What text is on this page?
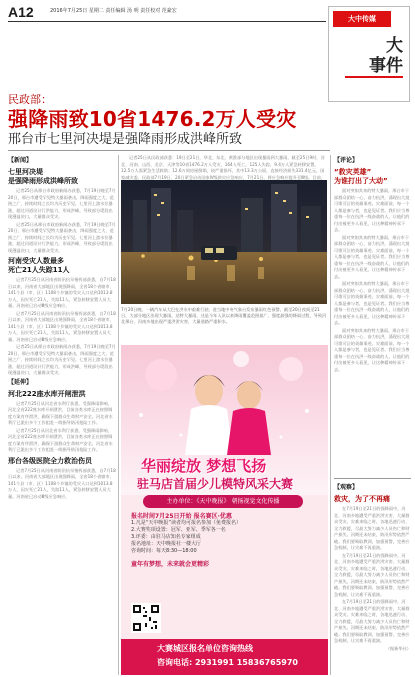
A12	2016年7月25日 星期二 责任编辑 汤 明 责任校对 范豪宏
大中传媒
大
事件
民政部：
强降雨致10省1476.2万人受灾
邢台市七里河决堤是强降雨形成洪峰所致

记者25日从民政部获悉：19日至21日，华北、东北、黄淮部分地区出现暴雨到大暴雨，截至25日9时，河北、河南、山西、北京、天津等10省1476.2万人受灾，164人死亡，125人失踪，9.4万人紧急转移安置，12.5万人需紧急生活救助；12.6万间房屋倒塌，较严重损坏，其中13.3万公顷，直接经济损失331.4亿元。国家减灾委、民政部7月19日、20日紧急启动国家Ⅳ级救灾应急响应，7月21日，将应急响应提升至Ⅲ级。目前，

【新闻】
七里河决堤
是强降雨形成洪峰所致

记者25日从邢台市政府新闻办获悉，7月19日晚至7月20日，邢台市遭受罕见特大暴雨袭击，降雨强度之大、范围之广、持续时间之长均为历史罕见。七里河上游水位暴涨，超过河道设计行洪能力，形成洪峰，导致部分堤段出现漫溢决口，大量群众受灾。

记者25日从邢台市政府新闻办获悉，7月19日晚至7月20日，邢台市遭受罕见特大暴雨袭击，降雨强度之大、范围之广、持续时间之长均为历史罕见。七里河上游水位暴涨，超过河道设计行洪能力，形成洪峰，导致部分堤段出现漫溢决口，大量群众受灾。

河南受灾人数最多
死亡21人失踪11人

记者7月25日从河南省防汛抗旱指挥部获悉，自7月18日以来，河南省大部地区出现强降雨，全省18个省辖市、141个县（市、区）1108个乡镇的受灾人口达到1013.8万人，因灾死亡21人，失踪11人，紧急转移安置人员大量。河南省已启动Ⅲ级应急响应。

记者7月25日从河南省防汛抗旱指挥部获悉，自7月18日以来，河南省大部地区出现强降雨，全省18个省辖市、141个县（市、区）1108个乡镇的受灾人口达到1013.8万人，因灾死亡21人，失踪11人，紧急转移安置人员大量。河南省已启动Ⅲ级应急响应。

记者25日从邢台市政府新闻办获悉，7月19日晚至7月20日，邢台市遭受罕见特大暴雨袭击，降雨强度之大、范围之广、持续时间之长均为历史罕见。七里河上游水位暴涨，超过河道设计行洪能力，形成洪峰，导致部分堤段出现漫溢决口，大量群众受灾。

【延伸】
河北222座水库开闸泄洪

记者7月25日从河北省水利厅获悉，受强降雨影响，河北全省222座水库开闸泄洪，目前各类水库正在按照调度方案有序泄洪，确保下游群众生命财产安全。河北省水利厅已派出多个工作组赴一线指导防汛抢险工作。

记者7月25日从河北省水利厅获悉，受强降雨影响，河北全省222座水库开闸泄洪，目前各类水库正在按照调度方案有序泄洪，确保下游群众生命财产安全。河北省水利厅已派出多个工作组赴一线指导防汛抢险工作。

邢台各级医院全力救治伤员

记者7月25日从河南省防汛抗旱指挥部获悉，自7月18日以来，河南省大部地区出现强降雨，全省18个省辖市、141个县（市、区）1108个乡镇的受灾人口达到1013.8万人，因灾死亡21人，失踪11人，紧急转移安置人员大量。河南省已启动Ⅲ级应急响应。

7月20日晚，一辆汽车从大巴在洪水中艰难行驶。进当地中央气象台发布暴雨红色预警，截至20日夜间至21日，大部分地区出现大暴雨，达特大暴雨，这是今年入汛以来降雨覆盖范围最广、强度最强的降雨过程，导致河北邢台、河南多地出现严重洪涝灾害，大量道路严重积水。
华丽绽放 梦想飞扬
驻马店首届少儿模特风采大赛
主办单位：《天中晚报》 朝扬视觉文化传播
报名时间7月25日开始 报名赛区·优惠
1.凡是“天中晚报”读者均可报名参加（免费报名）
2.大赛奖项设置：冠军、亚军、季军各一名
3.评委：由驻马店知名专家组成
报名地址：天中晚报社一楼大厅
咨询时间：每天8:30—18:00
童年有梦想，未来就会更精彩
大赛城区报名单位咨询热线
咨询电话: 2931991 15836765970
【评论】
“救灾英雄”
为谁打出了大动”

面对突如其来的特大暴雨，邢台市干部群众团结一心、奋力抗洪，涌现出大批可歌可泣的英雄事迹。灾难面前，每一个人都是参与者，也是见证者。我们应当尊重每一位在抗洪一线奋战的人，让他们的付出被更多人看见，让这种精神传承下去。

面对突如其来的特大暴雨，邢台市干部群众团结一心、奋力抗洪，涌现出大批可歌可泣的英雄事迹。灾难面前，每一个人都是参与者，也是见证者。我们应当尊重每一位在抗洪一线奋战的人，让他们的付出被更多人看见，让这种精神传承下去。

面对突如其来的特大暴雨，邢台市干部群众团结一心、奋力抗洪，涌现出大批可歌可泣的英雄事迹。灾难面前，每一个人都是参与者，也是见证者。我们应当尊重每一位在抗洪一线奋战的人，让他们的付出被更多人看见，让这种精神传承下去。

面对突如其来的特大暴雨，邢台市干部群众团结一心、奋力抗洪，涌现出大批可歌可泣的英雄事迹。灾难面前，每一个人都是参与者，也是见证者。我们应当尊重每一位在抗洪一线奋战的人，让他们的付出被更多人看见，让这种精神传承下去。

【观察】
救灾，为了不再痛

在7月19日至21日的强降雨中，河北、河南多地遭受严重洪涝灾害，大量群众受灾。灾难来临之时，各地迅速行动、全力救援，尽最大努力减少人员伤亡和财产损失。汛期还未结束，防汛形势依然严峻。我们要吸取教训，加强预警，完善应急机制，让灾难不再重演。

在7月19日至21日的强降雨中，河北、河南多地遭受严重洪涝灾害，大量群众受灾。灾难来临之时，各地迅速行动、全力救援，尽最大努力减少人员伤亡和财产损失。汛期还未结束，防汛形势依然严峻。我们要吸取教训，加强预警，完善应急机制，让灾难不再重演。

在7月19日至21日的强降雨中，河北、河南多地遭受严重洪涝灾害，大量群众受灾。灾难来临之时，各地迅速行动、全力救援，尽最大努力减少人员伤亡和财产损失。汛期还未结束，防汛形势依然严峻。我们要吸取教训，加强预警，完善应急机制，让灾难不再重演。

（据新华社）
